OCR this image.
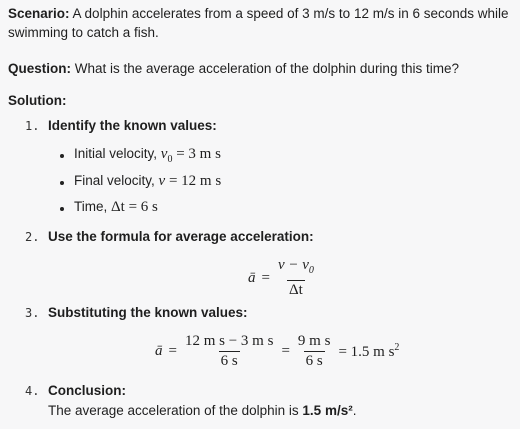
Scenario: A dolphin accelerates from a speed of 3 m/s to 12 m/s in 6 seconds while
swimming to catch a fish.
Question: What is the average acceleration of the dolphin during this time?
Solution:
1. Identify the known values:
Initial velocity, $v_0 = 3$ m s
Final velocity, v = 12 m s
Time, Δt = 6 s
2. Use the formula for average acceleration:
ā = $\frac{v - v_0}{\Delta t}$
3. Substituting the known values:
ā = $\frac{\text{12 m s − 3 m s}}{6 s} = \frac{\text{9 m s}}{6 s} = 1.5$ m $s^2$
4. Conclusion:
The average acceleration of the dolphin is 1.5 m/s².
